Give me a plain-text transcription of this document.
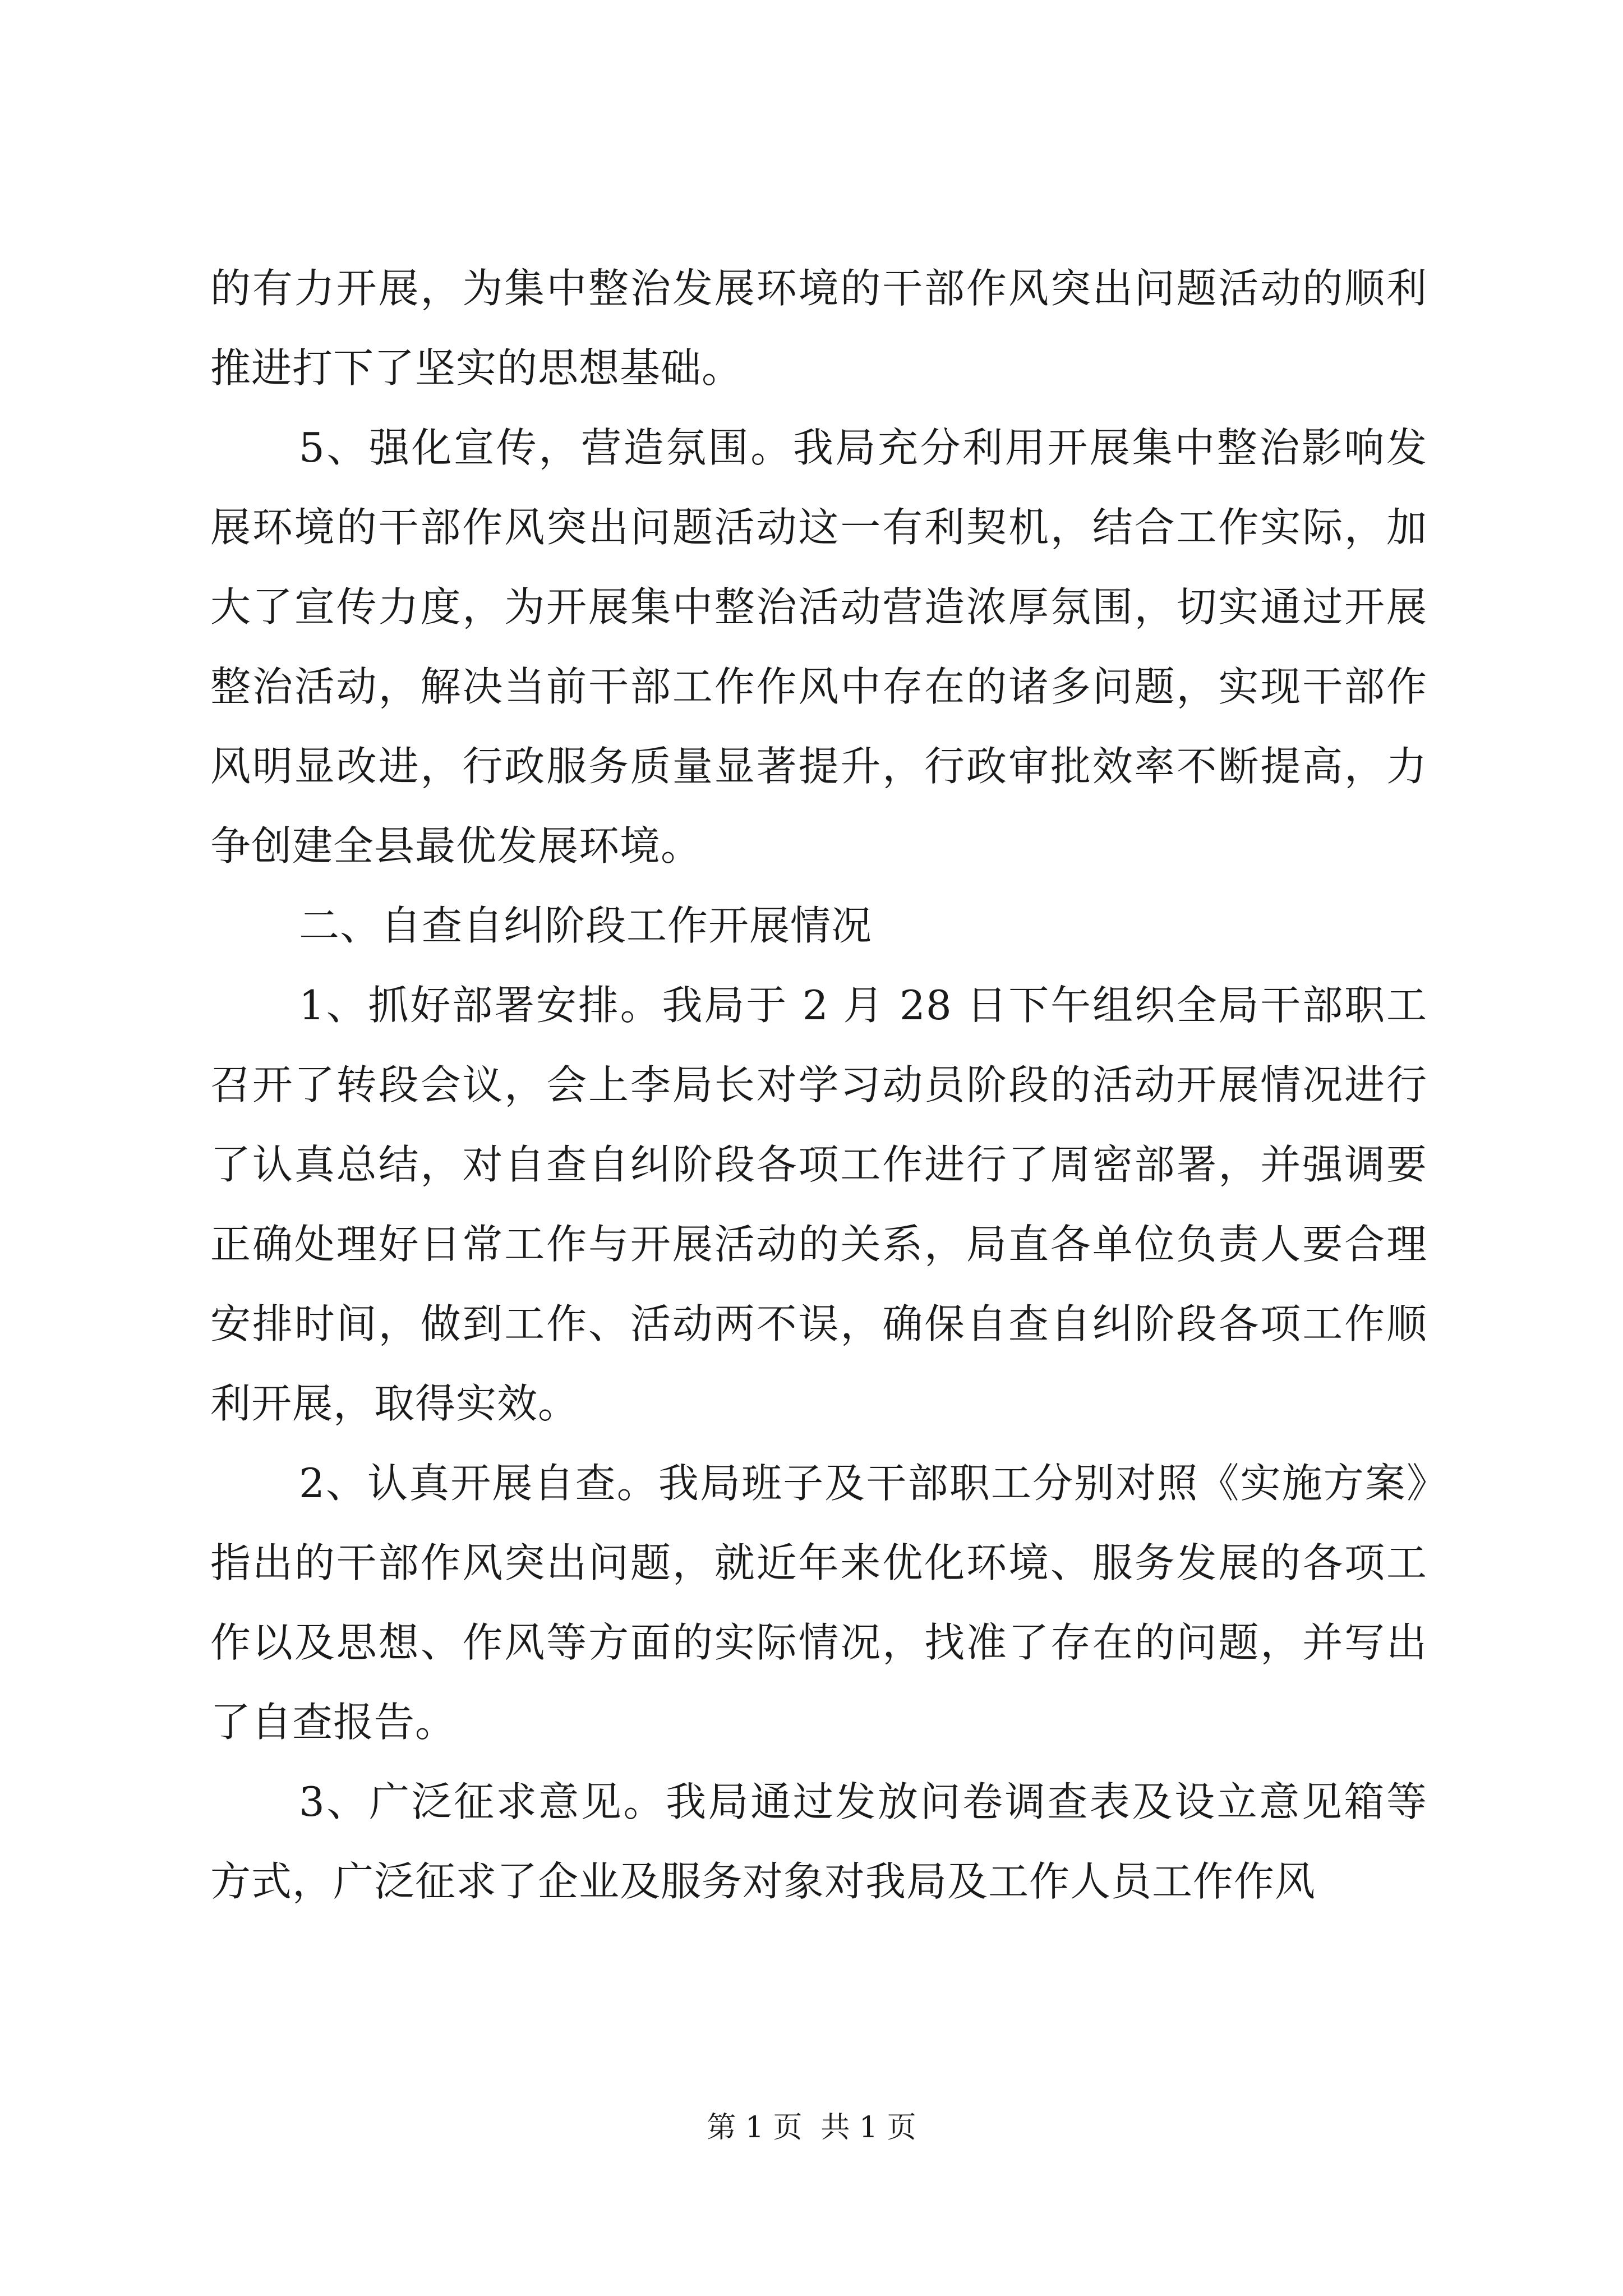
的有力开展，为集中整治发展环境的干部作风突出问题活动的顺利推进打下了坚实的思想基础。

5、强化宣传，营造氛围。我局充分利用开展集中整治影响发展环境的干部作风突出问题活动这一有利契机，结合工作实际，加大了宣传力度，为开展集中整治活动营造浓厚氛围，切实通过开展整治活动，解决当前干部工作作风中存在的诸多问题，实现干部作风明显改进，行政服务质量显著提升，行政审批效率不断提高，力争创建全县最优发展环境。

二、自查自纠阶段工作开展情况

1、抓好部署安排。我局于 2 月 28 日下午组织全局干部职工召开了转段会议，会上李局长对学习动员阶段的活动开展情况进行了认真总结，对自查自纠阶段各项工作进行了周密部署，并强调要正确处理好日常工作与开展活动的关系，局直各单位负责人要合理安排时间，做到工作、活动两不误，确保自查自纠阶段各项工作顺利开展，取得实效。

2、认真开展自查。我局班子及干部职工分别对照《实施方案》指出的干部作风突出问题，就近年来优化环境、服务发展的各项工作以及思想、作风等方面的实际情况，找准了存在的问题，并写出了自查报告。

3、广泛征求意见。我局通过发放问卷调查表及设立意见箱等方式，广泛征求了企业及服务对象对我局及工作人员工作作风

第 1 页  共 1 页
